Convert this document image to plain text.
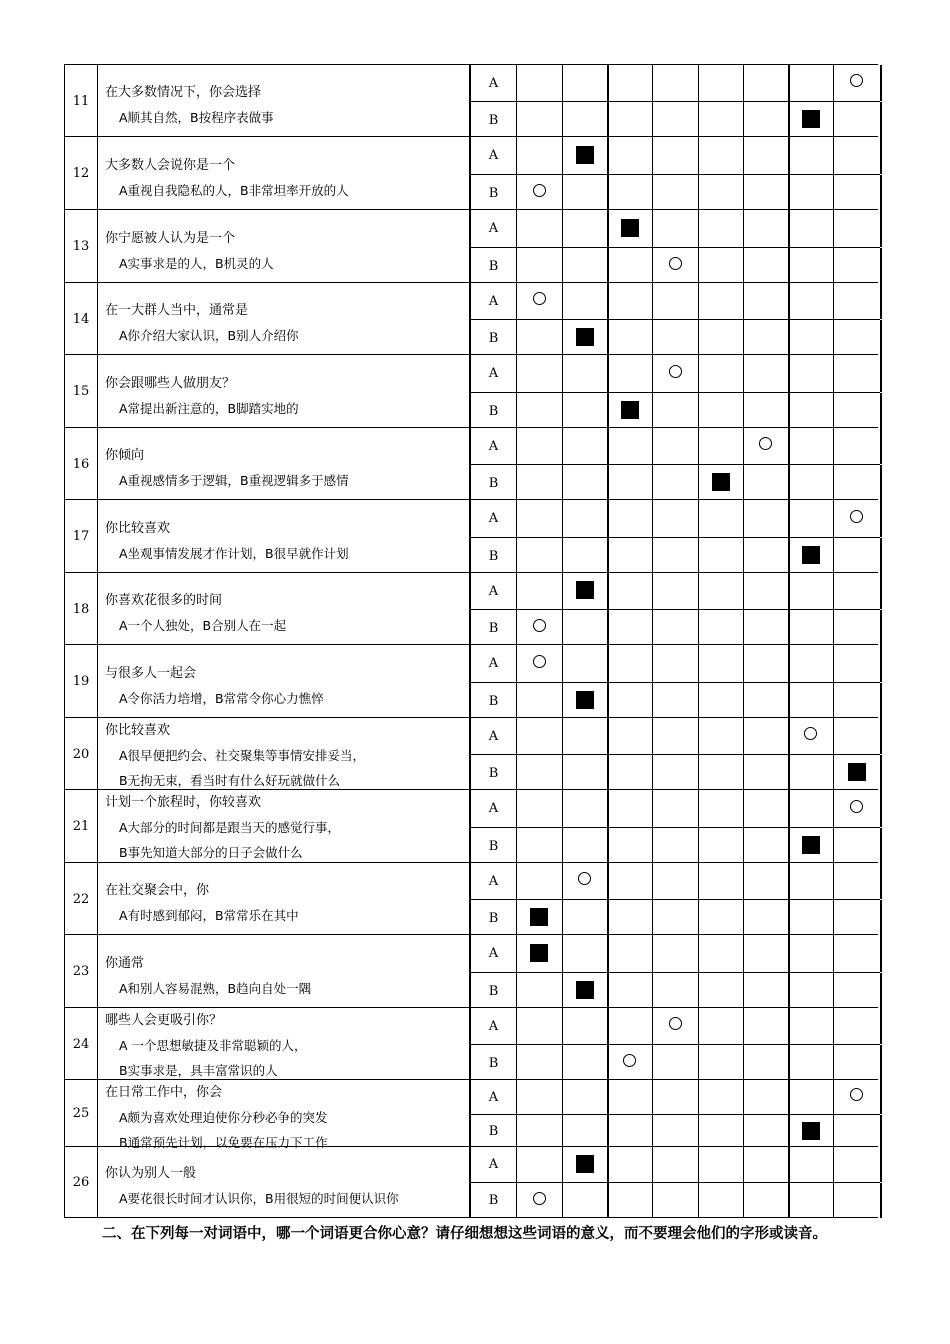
11
在大多数情况下，你会选择
A顺其自然，B按程序表做事
A
B
12
大多数人会说你是一个
A重视自我隐私的人，B非常坦率开放的人
A
B
13
你宁愿被人认为是一个
A实事求是的人，B机灵的人
A
B
14
在一大群人当中，通常是
A你介绍大家认识，B别人介绍你
A
B
15
你会跟哪些人做朋友？
A常提出新注意的，B脚踏实地的
A
B
16
你倾向
A重视感情多于逻辑，B重视逻辑多于感情
A
B
17
你比较喜欢
A坐观事情发展才作计划，B很早就作计划
A
B
18
你喜欢花很多的时间
A一个人独处，B合别人在一起
A
B
19
与很多人一起会
A令你活力培增，B常常令你心力憔悴
A
B
20
你比较喜欢
A很早便把约会、社交聚集等事情安排妥当，
B无拘无束，看当时有什么好玩就做什么
A
B
21
计划一个旅程时，你较喜欢
A大部分的时间都是跟当天的感觉行事，
B事先知道大部分的日子会做什么
A
B
22
在社交聚会中，你
A有时感到郁闷，B常常乐在其中
A
B
23
你通常
A和别人容易混熟，B趋向自处一隅
A
B
24
哪些人会更吸引你？
A 一个思想敏捷及非常聪颖的人，
B实事求是，具丰富常识的人
A
B
25
在日常工作中，你会
A颇为喜欢处理迫使你分秒必争的突发
B通常预先计划，以免要在压力下工作
A
B
26
你认为别人一般
A要花很长时间才认识你，B用很短的时间便认识你
A
B
二、在下列每一对词语中，哪一个词语更合你心意？请仔细想想这些词语的意义，而不要理会他们的字形或读音。
